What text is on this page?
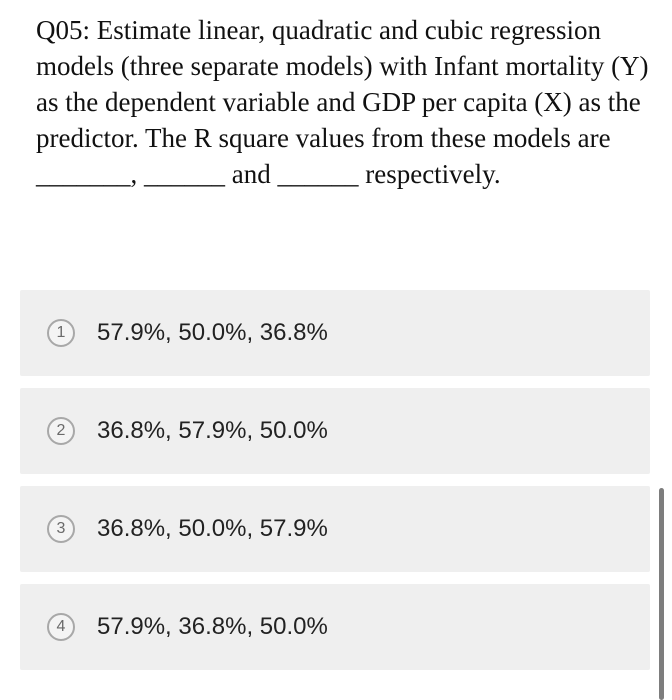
Q05: Estimate linear, quadratic and cubic regression models (three separate models) with Infant mortality (Y) as the dependent variable and GDP per capita (X) as the predictor. The R square values from these models are _______, ______ and ______ respectively.

1	57.9%, 50.0%, 36.8%
2	36.8%, 57.9%, 50.0%
3	36.8%, 50.0%, 57.9%
4	57.9%, 36.8%, 50.0%
